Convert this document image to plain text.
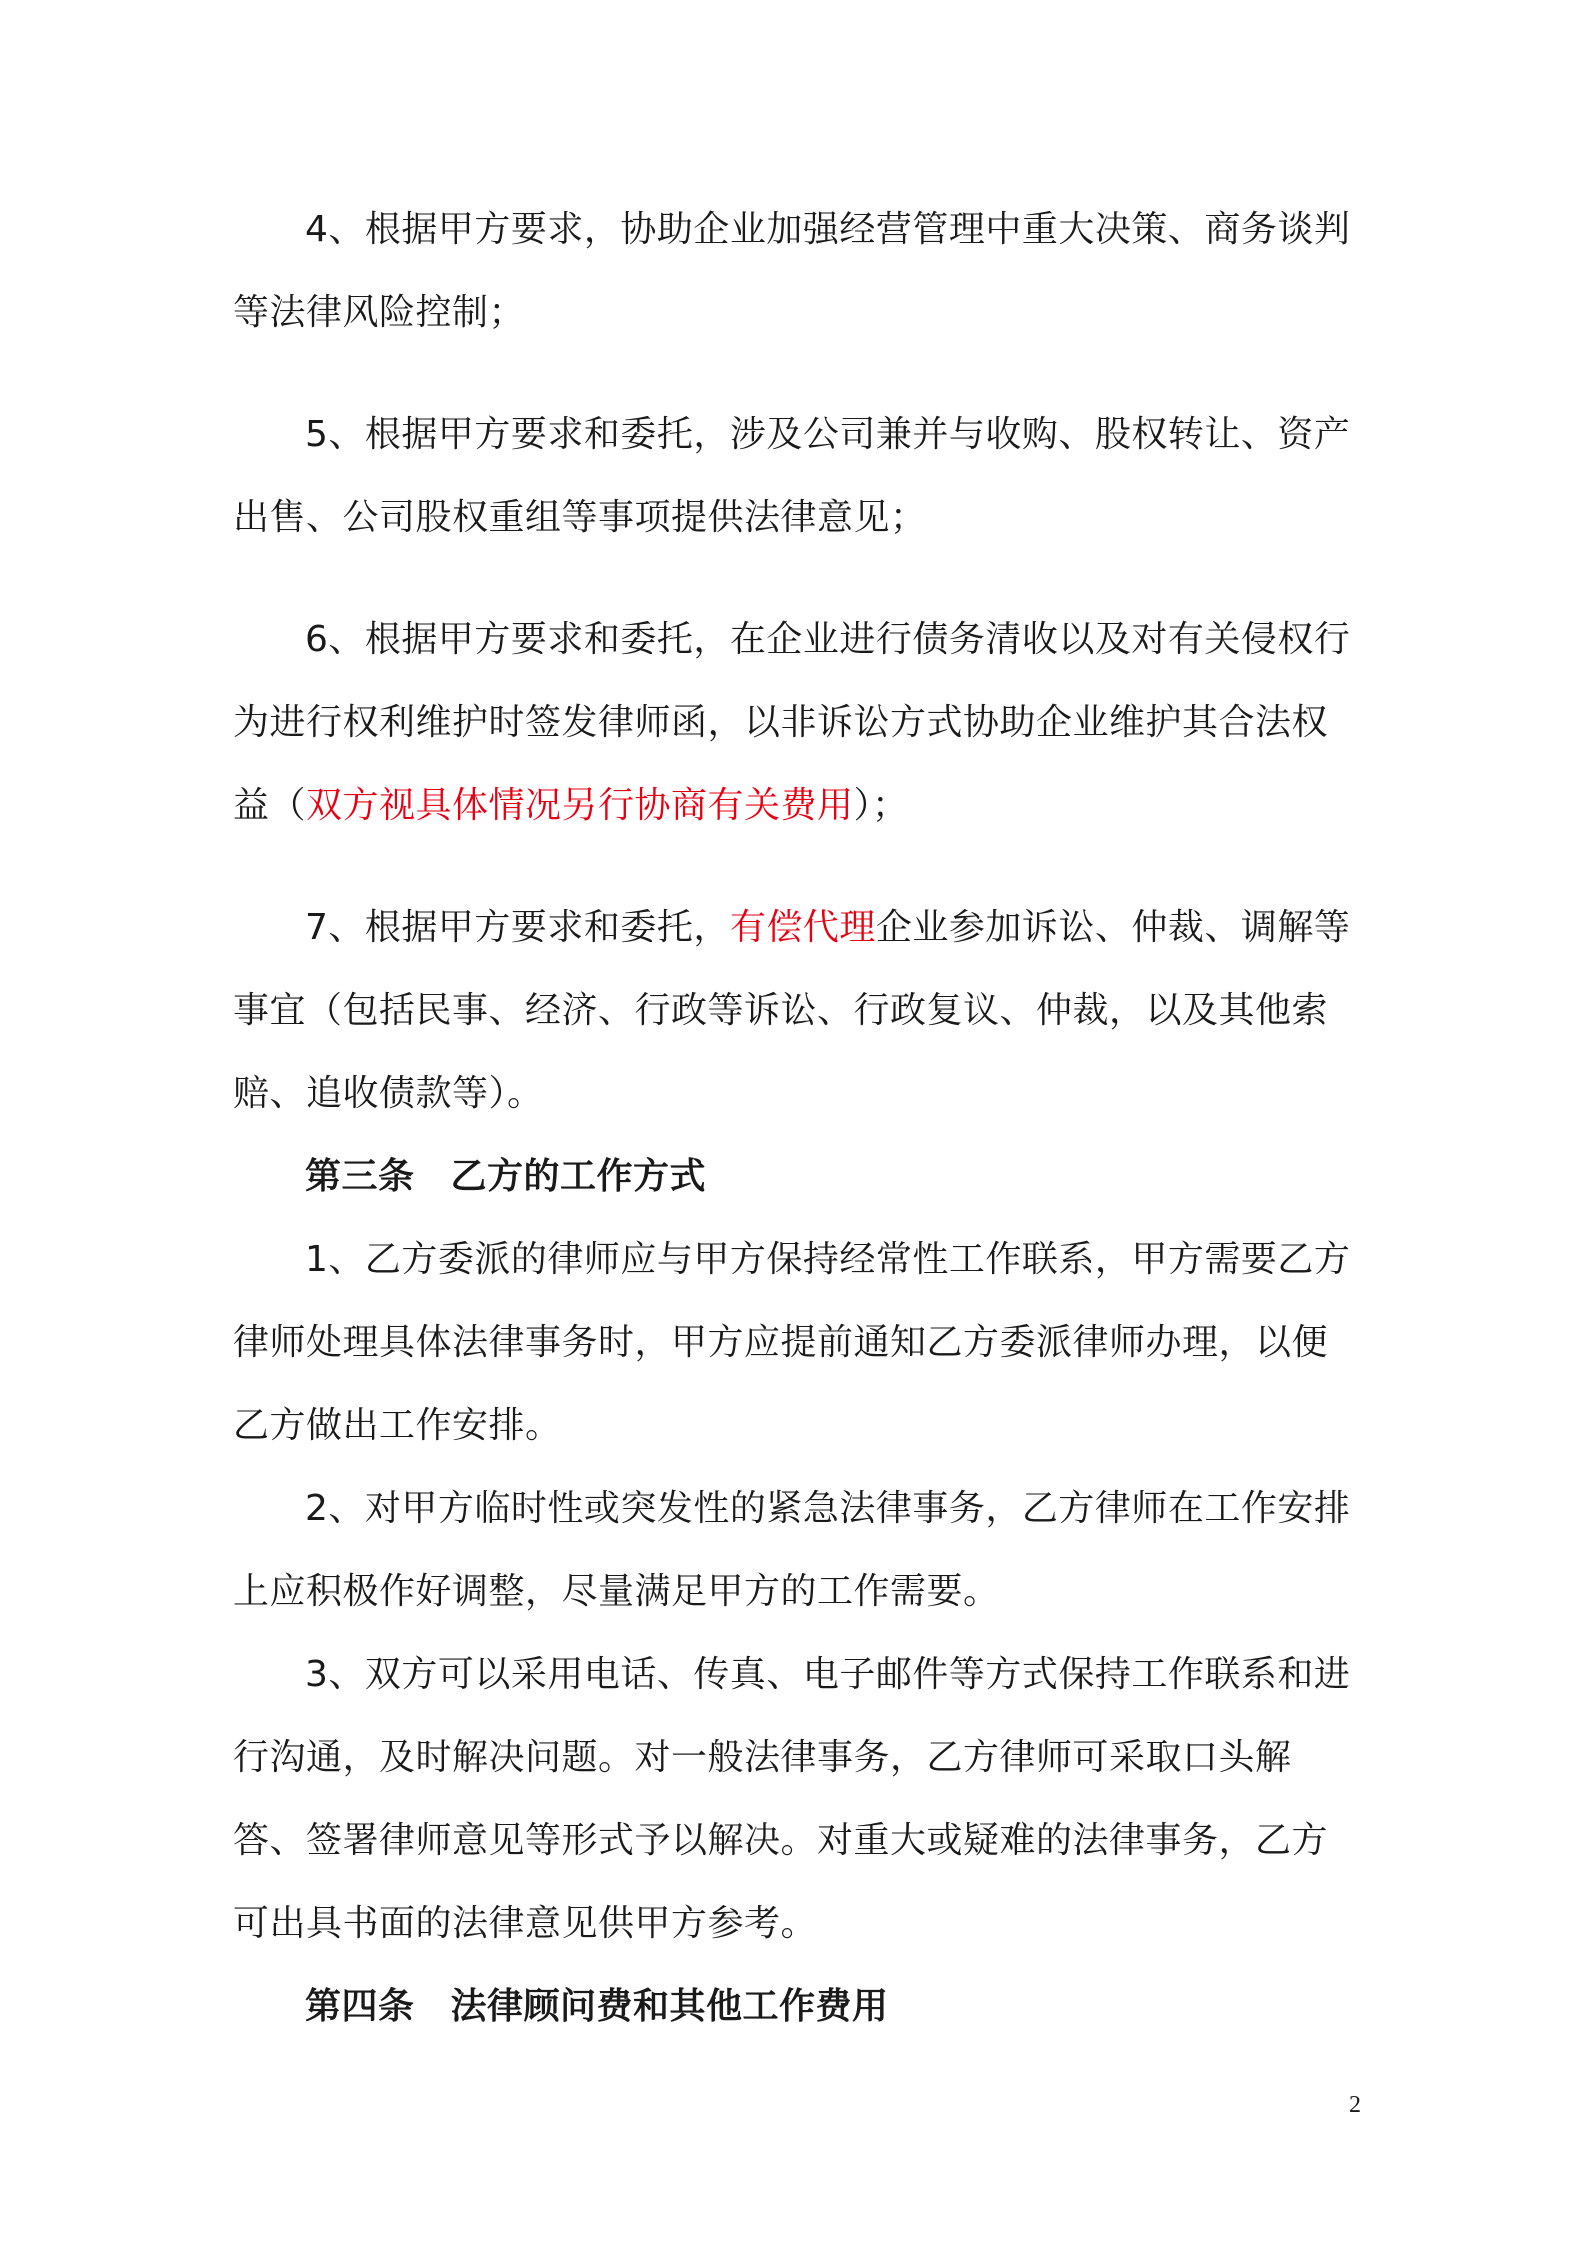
4、根据甲方要求，协助企业加强经营管理中重大决策、商务谈判等法律风险控制；

5、根据甲方要求和委托，涉及公司兼并与收购、股权转让、资产出售、公司股权重组等事项提供法律意见；

6、根据甲方要求和委托，在企业进行债务清收以及对有关侵权行为进行权利维护时签发律师函，以非诉讼方式协助企业维护其合法权益（双方视具体情况另行协商有关费用）；

7、根据甲方要求和委托，有偿代理企业参加诉讼、仲裁、调解等事宜（包括民事、经济、行政等诉讼、行政复议、仲裁，以及其他索赔、追收债款等）。

第三条 乙方的工作方式

1、乙方委派的律师应与甲方保持经常性工作联系，甲方需要乙方律师处理具体法律事务时，甲方应提前通知乙方委派律师办理，以便乙方做出工作安排。

2、对甲方临时性或突发性的紧急法律事务，乙方律师在工作安排上应积极作好调整，尽量满足甲方的工作需要。

3、双方可以采用电话、传真、电子邮件等方式保持工作联系和进行沟通，及时解决问题。对一般法律事务，乙方律师可采取口头解答、签署律师意见等形式予以解决。对重大或疑难的法律事务，乙方可出具书面的法律意见供甲方参考。

第四条 法律顾问费和其他工作费用

2
